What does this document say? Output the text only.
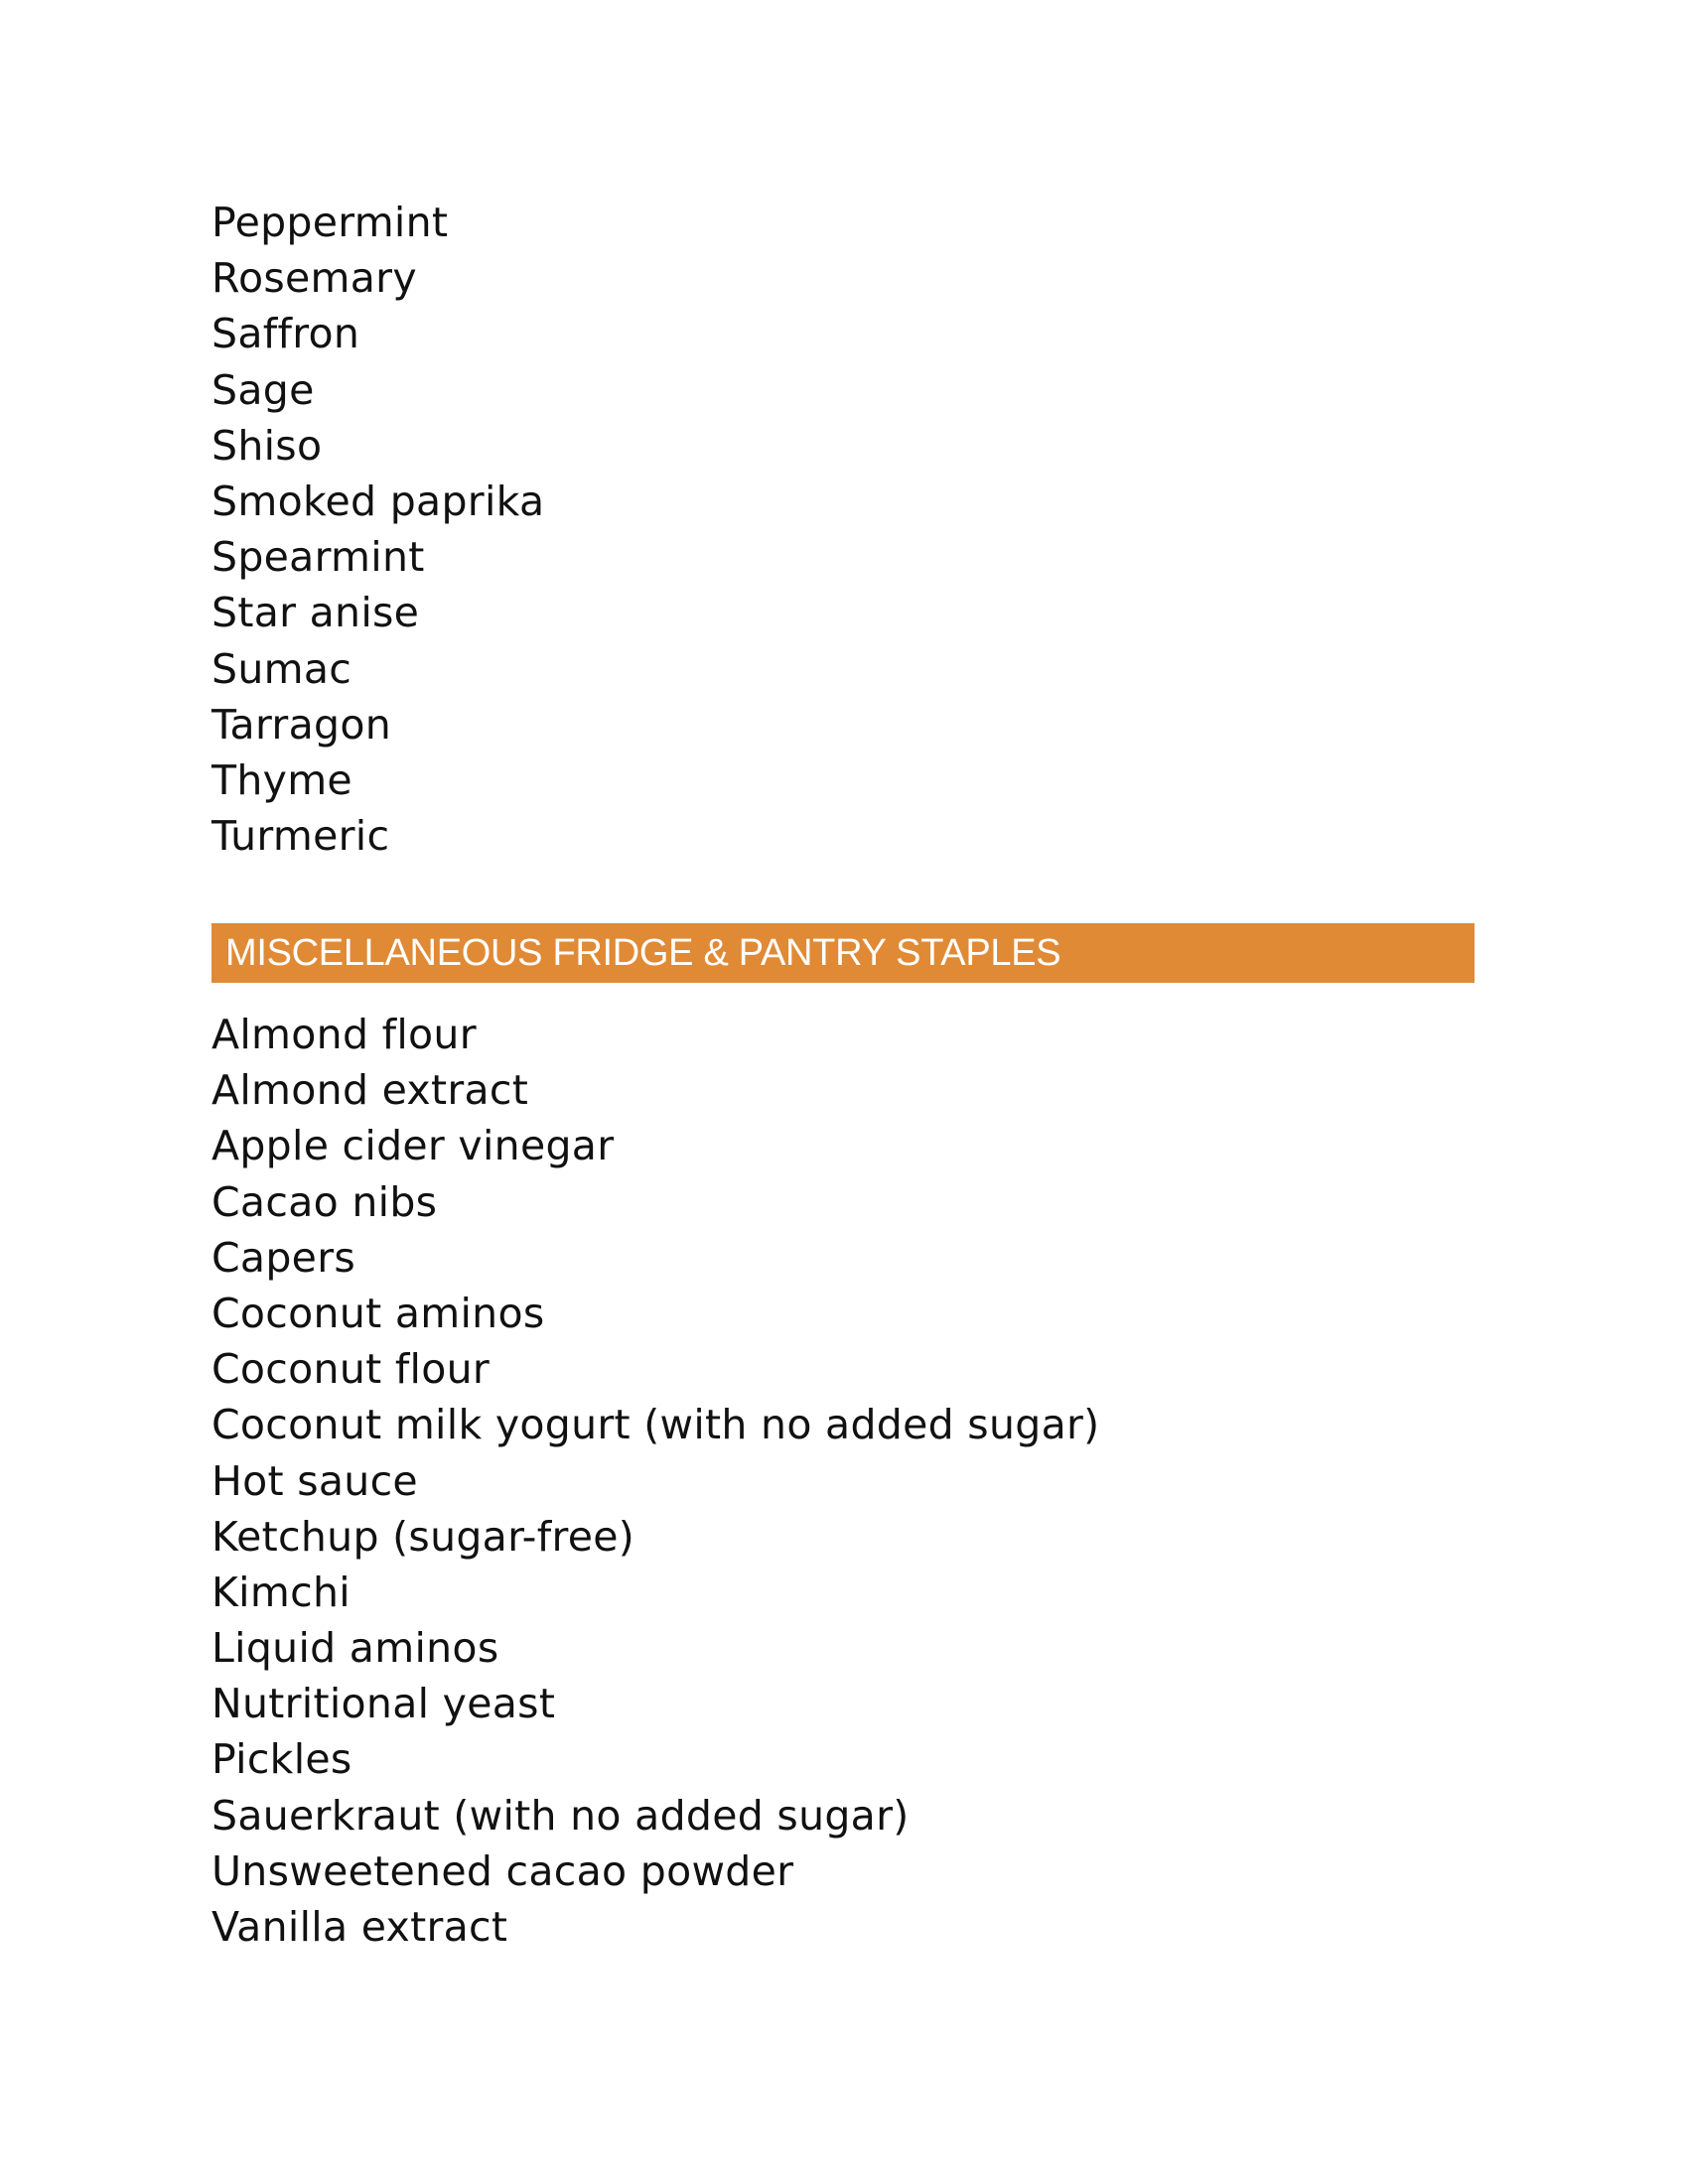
Peppermint
Rosemary
Saffron
Sage
Shiso
Smoked paprika
Spearmint
Star anise
Sumac
Tarragon
Thyme
Turmeric
MISCELLANEOUS FRIDGE & PANTRY STAPLES
Almond flour
Almond extract
Apple cider vinegar
Cacao nibs
Capers
Coconut aminos
Coconut flour
Coconut milk yogurt (with no added sugar)
Hot sauce
Ketchup (sugar-free)
Kimchi
Liquid aminos
Nutritional yeast
Pickles
Sauerkraut (with no added sugar)
Unsweetened cacao powder
Vanilla extract
